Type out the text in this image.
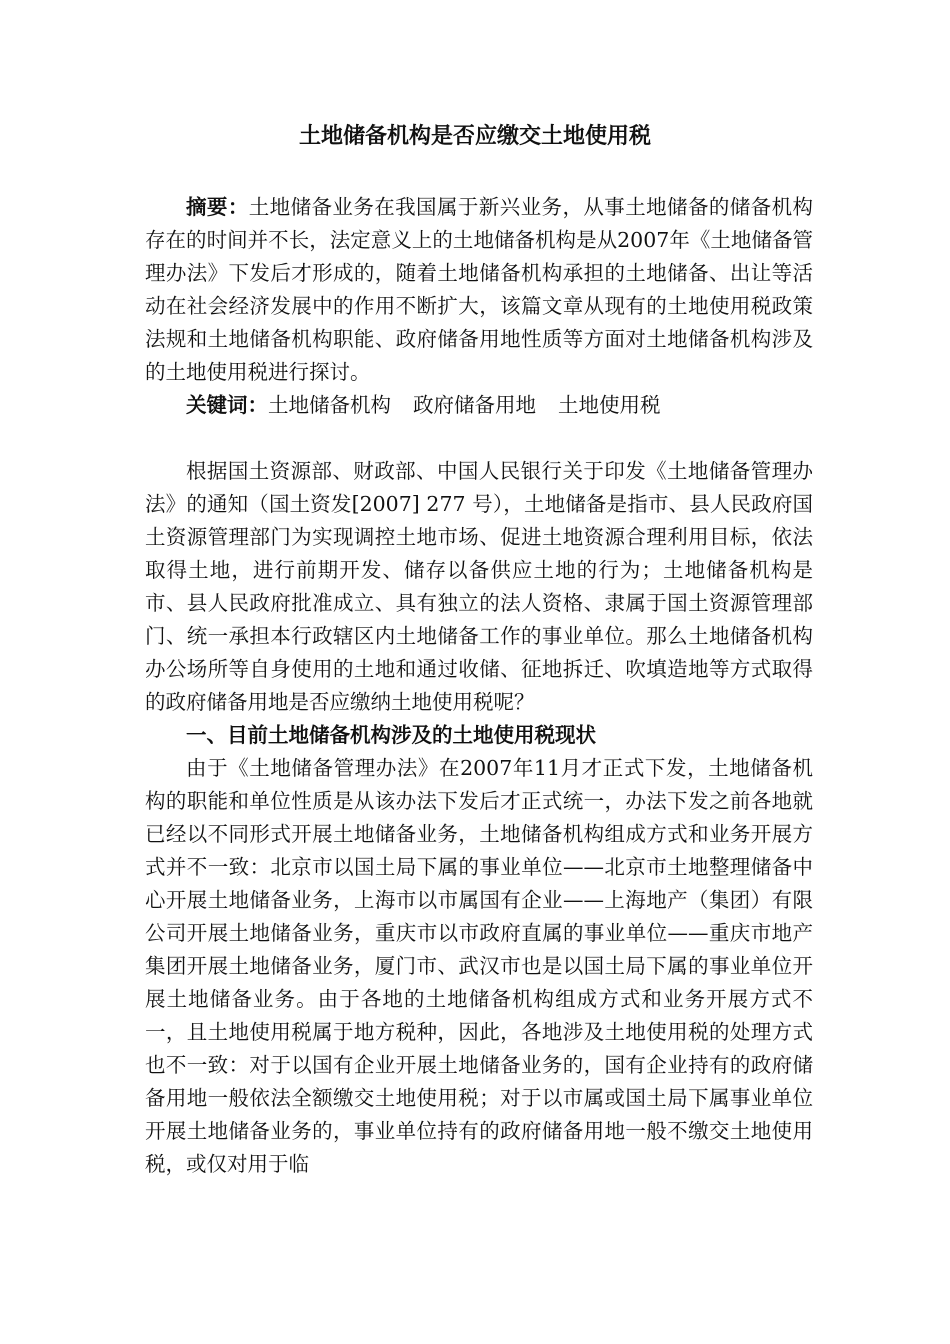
土地储备机构是否应缴交土地使用税

摘要：土地储备业务在我国属于新兴业务，从事土地储备的储备机构存在的时间并不长，法定意义上的土地储备机构是从2007年《土地储备管理办法》下发后才形成的，随着土地储备机构承担的土地储备、出让等活动在社会经济发展中的作用不断扩大，该篇文章从现有的土地使用税政策法规和土地储备机构职能、政府储备用地性质等方面对土地储备机构涉及的土地使用税进行探讨。

关键词：土地储备机构 政府储备用地 土地使用税

根据国土资源部、财政部、中国人民银行关于印发《土地储备管理办法》的通知（国土资发[2007] 277 号），土地储备是指市、县人民政府国土资源管理部门为实现调控土地市场、促进土地资源合理利用目标，依法取得土地，进行前期开发、储存以备供应土地的行为；土地储备机构是市、县人民政府批准成立、具有独立的法人资格、隶属于国土资源管理部门、统一承担本行政辖区内土地储备工作的事业单位。那么土地储备机构办公场所等自身使用的土地和通过收储、征地拆迁、吹填造地等方式取得的政府储备用地是否应缴纳土地使用税呢？

一、目前土地储备机构涉及的土地使用税现状

由于《土地储备管理办法》在2007年11月才正式下发，土地储备机构的职能和单位性质是从该办法下发后才正式统一，办法下发之前各地就已经以不同形式开展土地储备业务，土地储备机构组成方式和业务开展方式并不一致：北京市以国土局下属的事业单位——北京市土地整理储备中心开展土地储备业务，上海市以市属国有企业——上海地产（集团）有限公司开展土地储备业务，重庆市以市政府直属的事业单位——重庆市地产集团开展土地储备业务，厦门市、武汉市也是以国土局下属的事业单位开展土地储备业务。由于各地的土地储备机构组成方式和业务开展方式不一，且土地使用税属于地方税种，因此，各地涉及土地使用税的处理方式也不一致：对于以国有企业开展土地储备业务的，国有企业持有的政府储备用地一般依法全额缴交土地使用税；对于以市属或国土局下属事业单位开展土地储备业务的，事业单位持有的政府储备用地一般不缴交土地使用税，或仅对用于临
